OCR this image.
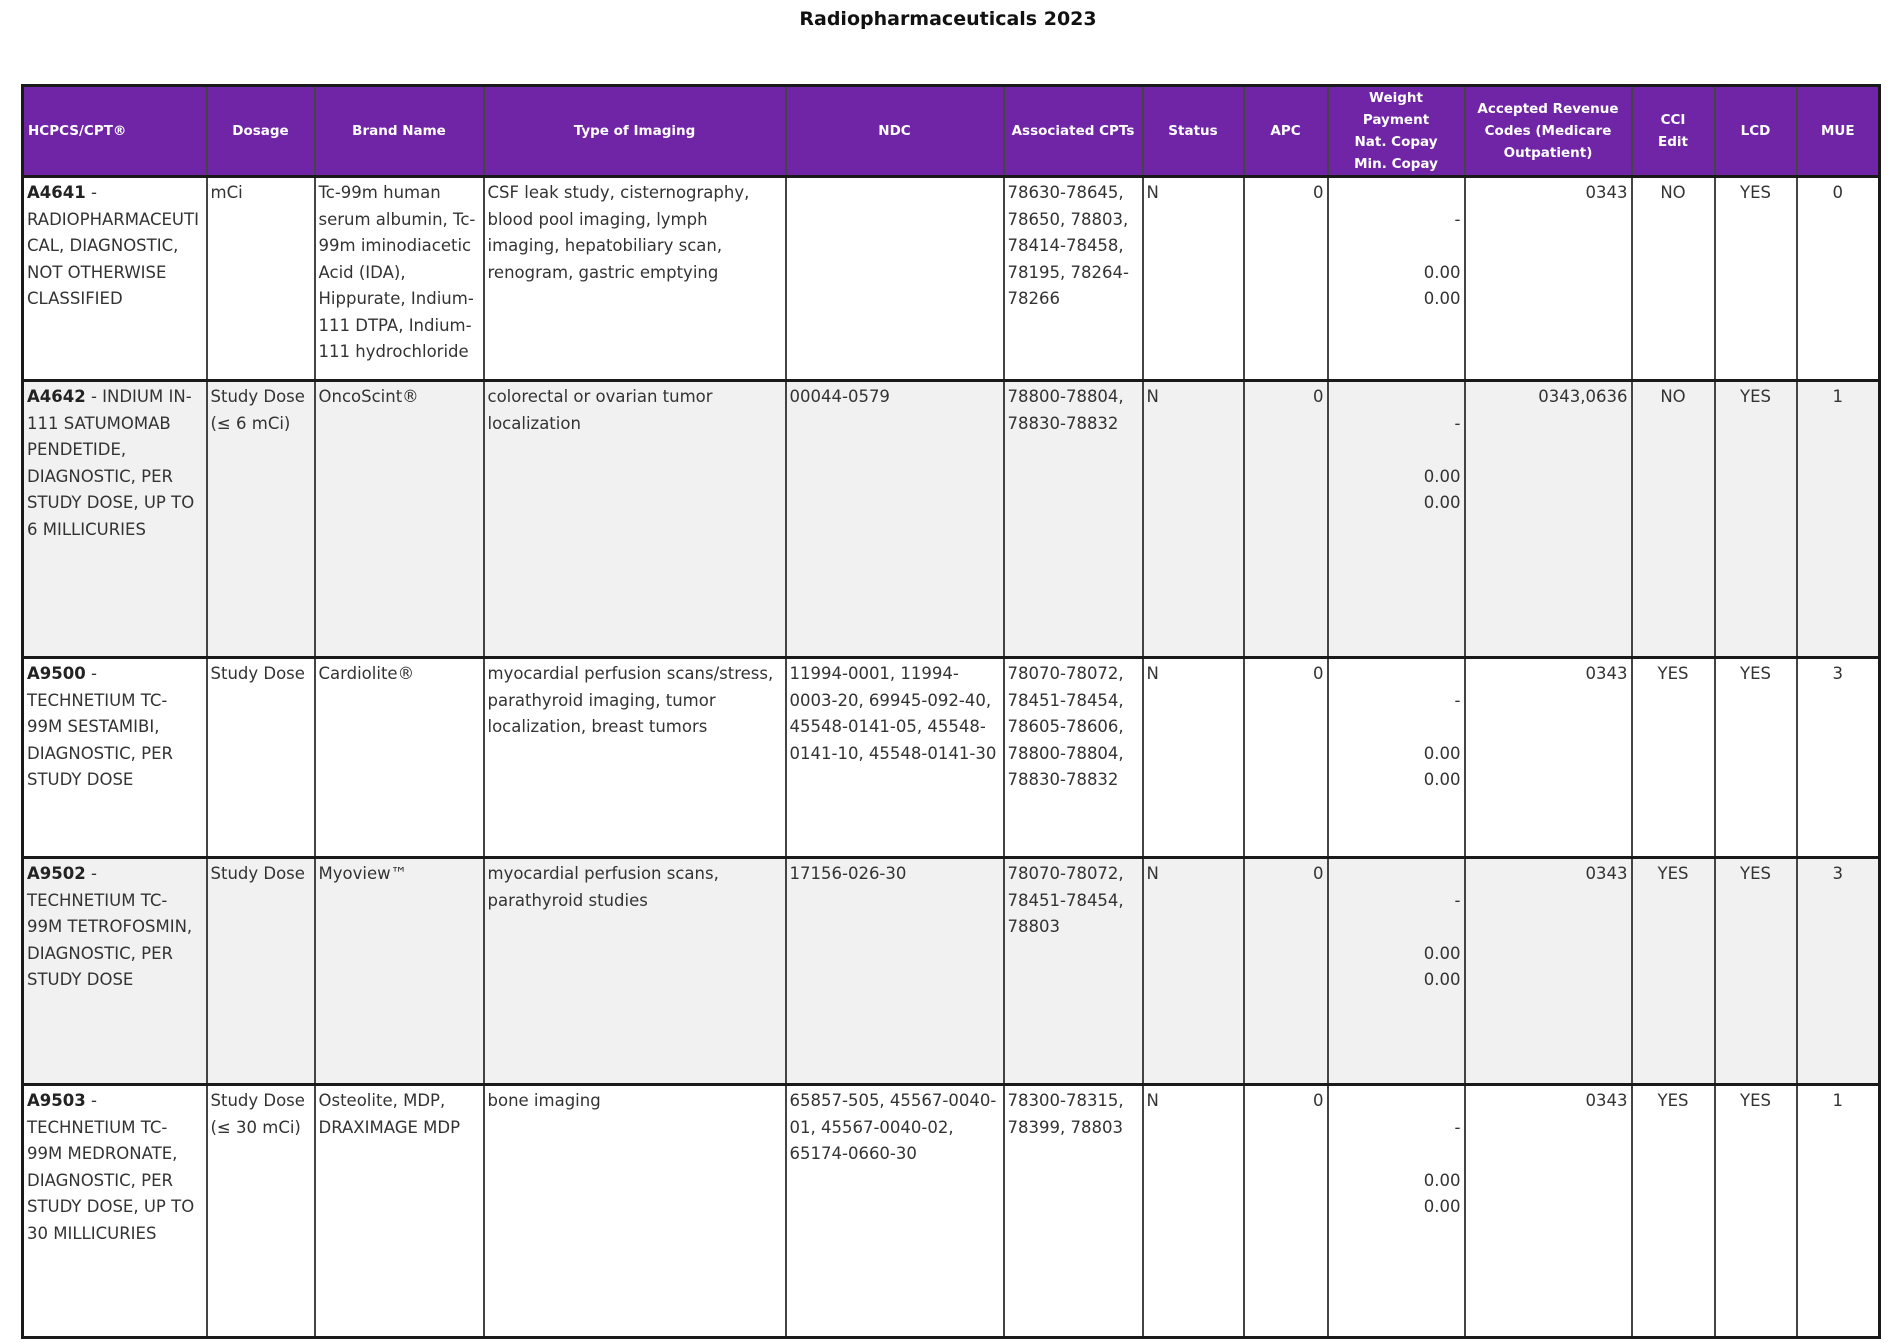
Radiopharmaceuticals 2023
HCPCS/CPT®	Dosage	Brand Name	Type of Imaging	NDC	Associated CPTs	Status	APC	Weight
Payment
Nat. Copay
Min. Copay	Accepted Revenue
Codes (Medicare
Outpatient)	CCI
Edit	LCD	MUE
A4641 - RADIOPHARMACEUTICAL, DIAGNOSTIC, NOT OTHERWISE CLASSIFIED	mCi	Tc-99m human serum albumin, Tc-99m iminodiacetic Acid (IDA), Hippurate, Indium-111 DTPA, Indium-111 hydrochloride	CSF leak study, cisternography, blood pool imaging, lymph imaging, hepatobiliary scan, renogram, gastric emptying		78630-78645, 78650, 78803, 78414-78458, 78195, 78264-78266	N	0	-
0.00
0.00	0343	NO	YES	0
A4642 - INDIUM IN-111 SATUMOMAB PENDETIDE, DIAGNOSTIC, PER STUDY DOSE, UP TO 6 MILLICURIES	Study Dose (≤ 6 mCi)	OncoScint®	colorectal or ovarian tumor localization	00044-0579	78800-78804, 78830-78832	N	0	-
0.00
0.00	0343,0636	NO	YES	1
A9500 - TECHNETIUM TC-99M SESTAMIBI, DIAGNOSTIC, PER STUDY DOSE	Study Dose	Cardiolite®	myocardial perfusion scans/stress, parathyroid imaging, tumor localization, breast tumors	11994-0001, 11994-0003-20, 69945-092-40, 45548-0141-05, 45548-0141-10, 45548-0141-30	78070-78072, 78451-78454, 78605-78606, 78800-78804, 78830-78832	N	0	-
0.00
0.00	0343	YES	YES	3
A9502 - TECHNETIUM TC-99M TETROFOSMIN, DIAGNOSTIC, PER STUDY DOSE	Study Dose	Myoview™	myocardial perfusion scans, parathyroid studies	17156-026-30	78070-78072, 78451-78454, 78803	N	0	-
0.00
0.00	0343	YES	YES	3
A9503 - TECHNETIUM TC-99M MEDRONATE, DIAGNOSTIC, PER STUDY DOSE, UP TO 30 MILLICURIES	Study Dose (≤ 30 mCi)	Osteolite, MDP, DRAXIMAGE MDP	bone imaging	65857-505, 45567-0040-01, 45567-0040-02, 65174-0660-30	78300-78315, 78399, 78803	N	0	-
0.00
0.00	0343	YES	YES	1
